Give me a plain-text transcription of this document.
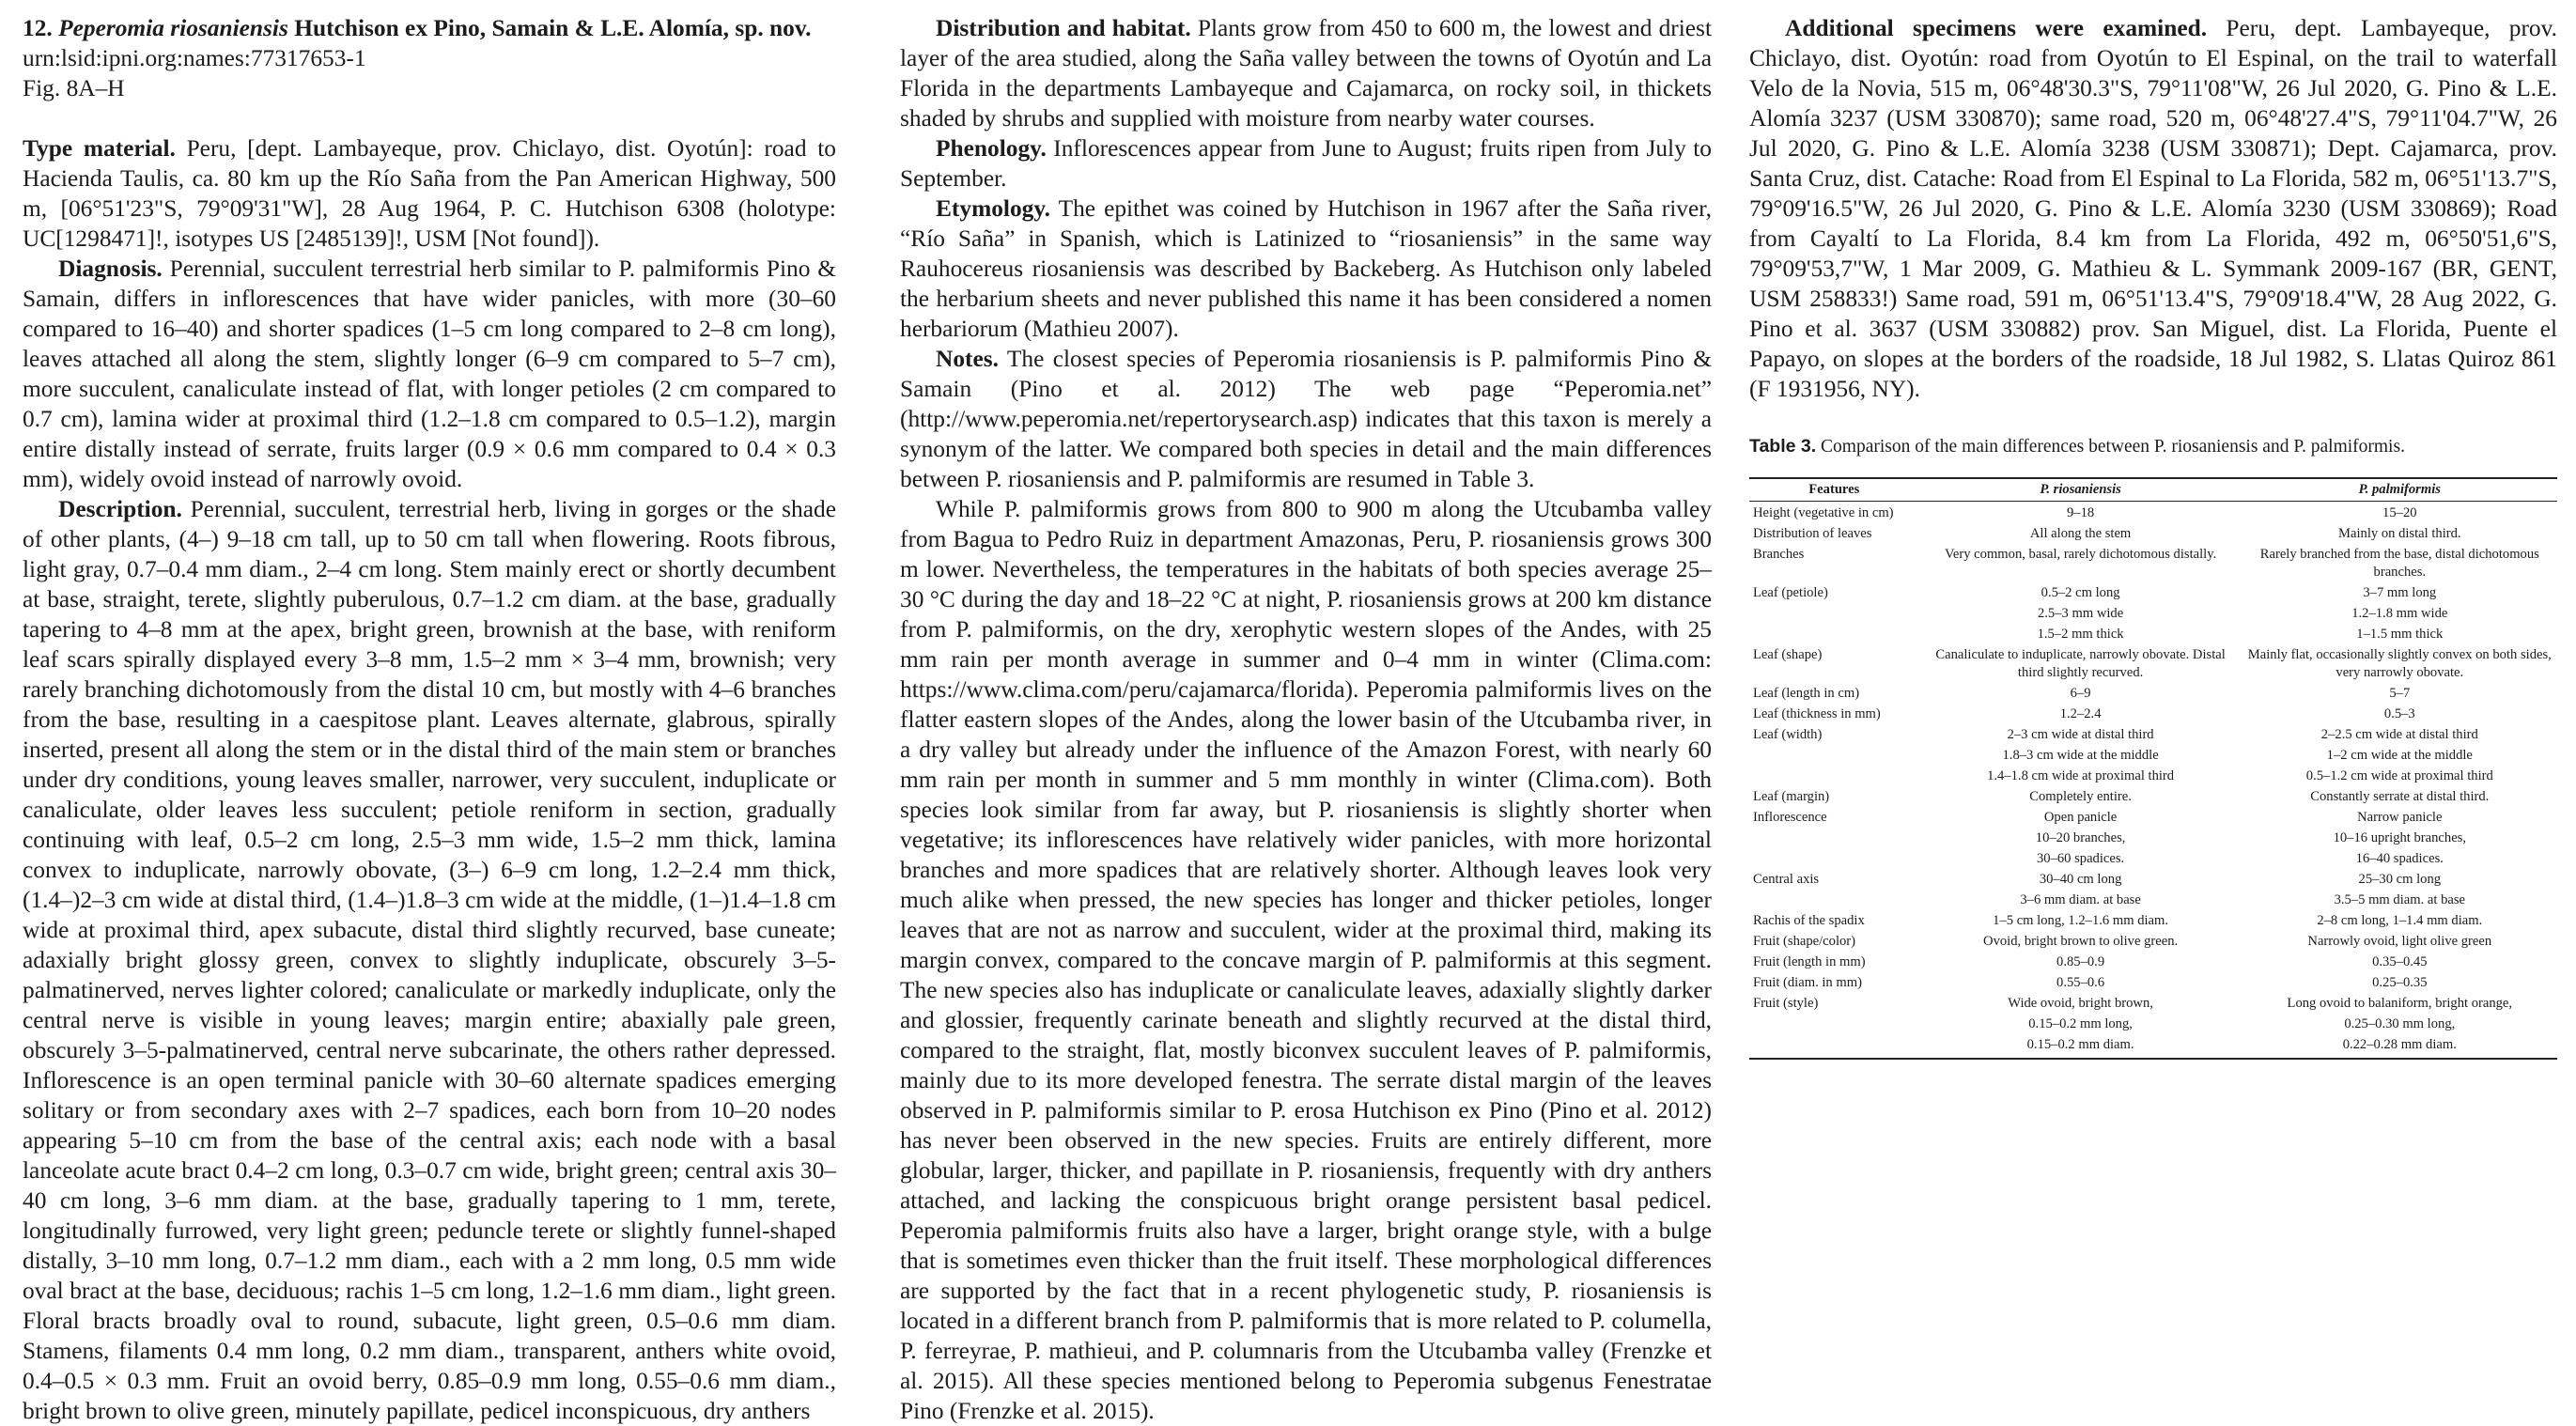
12. Peperomia riosaniensis Hutchison ex Pino, Samain & L.E. Alomía, sp. nov.

urn:lsid:ipni.org:names:77317653-1

Fig. 8A–H

Type material. Peru, [dept. Lambayeque, prov. Chiclayo, dist. Oyotún]: road to Hacienda Taulis, ca. 80 km up the Río Saña from the Pan American Highway, 500 m, [06°51'23"S, 79°09'31"W], 28 Aug 1964, P. C. Hutchison 6308 (holotype: UC[1298471]!, isotypes US [2485139]!, USM [Not found]).

Diagnosis. Perennial, succulent terrestrial herb similar to P. palmiformis Pino & Samain, differs in inflorescences that have wider panicles, with more (30–60 compared to 16–40) and shorter spadices (1–5 cm long compared to 2–8 cm long), leaves attached all along the stem, slightly longer (6–9 cm compared to 5–7 cm), more succulent, canaliculate instead of flat, with longer petioles (2 cm compared to 0.7 cm), lamina wider at proximal third (1.2–1.8 cm compared to 0.5–1.2), margin entire distally instead of serrate, fruits larger (0.9 × 0.6 mm compared to 0.4 × 0.3 mm), widely ovoid instead of narrowly ovoid.

Description. Perennial, succulent, terrestrial herb, living in gorges or the shade of other plants, (4–) 9–18 cm tall, up to 50 cm tall when flowering. Roots fibrous, light gray, 0.7–0.4 mm diam., 2–4 cm long. Stem mainly erect or shortly decumbent at base, straight, terete, slightly puberulous, 0.7–1.2 cm diam. at the base, gradually tapering to 4–8 mm at the apex, bright green, brownish at the base, with reniform leaf scars spirally displayed every 3–8 mm, 1.5–2 mm × 3–4 mm, brownish; very rarely branching dichotomously from the distal 10 cm, but mostly with 4–6 branches from the base, resulting in a caespitose plant. Leaves alternate, glabrous, spirally inserted, present all along the stem or in the distal third of the main stem or branches under dry conditions, young leaves smaller, narrower, very succulent, induplicate or canaliculate, older leaves less succulent; petiole reniform in section, gradually continuing with leaf, 0.5–2 cm long, 2.5–3 mm wide, 1.5–2 mm thick, lamina convex to induplicate, narrowly obovate, (3–) 6–9 cm long, 1.2–2.4 mm thick, (1.4–)2–3 cm wide at distal third, (1.4–)1.8–3 cm wide at the middle, (1–)1.4–1.8 cm wide at proximal third, apex subacute, distal third slightly recurved, base cuneate; adaxially bright glossy green, convex to slightly induplicate, obscurely 3–5-palmatinerved, nerves lighter colored; canaliculate or markedly induplicate, only the central nerve is visible in young leaves; margin entire; abaxially pale green, obscurely 3–5-palmatinerved, central nerve subcarinate, the others rather depressed. Inflorescence is an open terminal panicle with 30–60 alternate spadices emerging solitary or from secondary axes with 2–7 spadices, each born from 10–20 nodes appearing 5–10 cm from the base of the central axis; each node with a basal lanceolate acute bract 0.4–2 cm long, 0.3–0.7 cm wide, bright green; central axis 30–40 cm long, 3–6 mm diam. at the base, gradually tapering to 1 mm, terete, longitudinally furrowed, very light green; peduncle terete or slightly funnel-shaped distally, 3–10 mm long, 0.7–1.2 mm diam., each with a 2 mm long, 0.5 mm wide oval bract at the base, deciduous; rachis 1–5 cm long, 1.2–1.6 mm diam., light green. Floral bracts broadly oval to round, subacute, light green, 0.5–0.6 mm diam. Stamens, filaments 0.4 mm long, 0.2 mm diam., transparent, anthers white ovoid, 0.4–0.5 × 0.3 mm. Fruit an ovoid berry, 0.85–0.9 mm long, 0.55–0.6 mm diam., bright brown to olive green, minutely papillate, pedicel inconspicuous, dry anthers

Distribution and habitat. Plants grow from 450 to 600 m, the lowest and driest layer of the area studied, along the Saña valley between the towns of Oyotún and La Florida in the departments Lambayeque and Cajamarca, on rocky soil, in thickets shaded by shrubs and supplied with moisture from nearby water courses.

Phenology. Inflorescences appear from June to August; fruits ripen from July to September.

Etymology. The epithet was coined by Hutchison in 1967 after the Saña river, “Río Saña” in Spanish, which is Latinized to “riosaniensis” in the same way Rauhocereus riosaniensis was described by Backeberg. As Hutchison only labeled the herbarium sheets and never published this name it has been considered a nomen herbariorum (Mathieu 2007).

Notes. The closest species of Peperomia riosaniensis is P. palmiformis Pino & Samain (Pino et al. 2012) The web page “Peperomia.net” (http://www.peperomia.net/repertorysearch.asp) indicates that this taxon is merely a synonym of the latter. We compared both species in detail and the main differences between P. riosaniensis and P. palmiformis are resumed in Table 3.

While P. palmiformis grows from 800 to 900 m along the Utcubamba valley from Bagua to Pedro Ruiz in department Amazonas, Peru, P. riosaniensis grows 300 m lower. Nevertheless, the temperatures in the habitats of both species average 25–30 °C during the day and 18–22 °C at night, P. riosaniensis grows at 200 km distance from P. palmiformis, on the dry, xerophytic western slopes of the Andes, with 25 mm rain per month average in summer and 0–4 mm in winter (Clima.com: https://www.clima.com/peru/cajamarca/florida). Peperomia palmiformis lives on the flatter eastern slopes of the Andes, along the lower basin of the Utcubamba river, in a dry valley but already under the influence of the Amazon Forest, with nearly 60 mm rain per month in summer and 5 mm monthly in winter (Clima.com). Both species look similar from far away, but P. riosaniensis is slightly shorter when vegetative; its inflorescences have relatively wider panicles, with more horizontal branches and more spadices that are relatively shorter. Although leaves look very much alike when pressed, the new species has longer and thicker petioles, longer leaves that are not as narrow and succulent, wider at the proximal third, making its margin convex, compared to the concave margin of P. palmiformis at this segment. The new species also has induplicate or canaliculate leaves, adaxially slightly darker and glossier, frequently carinate beneath and slightly recurved at the distal third, compared to the straight, flat, mostly biconvex succulent leaves of P. palmiformis, mainly due to its more developed fenestra. The serrate distal margin of the leaves observed in P. palmiformis similar to P. erosa Hutchison ex Pino (Pino et al. 2012) has never been observed in the new species. Fruits are entirely different, more globular, larger, thicker, and papillate in P. riosaniensis, frequently with dry anthers attached, and lacking the conspicuous bright orange persistent basal pedicel. Peperomia palmiformis fruits also have a larger, bright orange style, with a bulge that is sometimes even thicker than the fruit itself. These morphological differences are supported by the fact that in a recent phylogenetic study, P. riosaniensis is located in a different branch from P. palmiformis that is more related to P. columella, P. ferreyrae, P. mathieui, and P. columnaris from the Utcubamba valley (Frenzke et al. 2015). All these species mentioned belong to Peperomia subgenus Fenestratae Pino (Frenzke et al. 2015).

Additional specimens were examined. Peru, dept. Lambayeque, prov. Chiclayo, dist. Oyotún: road from Oyotún to El Espinal, on the trail to waterfall Velo de la Novia, 515 m, 06°48'30.3"S, 79°11'08"W, 26 Jul 2020, G. Pino & L.E. Alomía 3237 (USM 330870); same road, 520 m, 06°48'27.4"S, 79°11'04.7"W, 26 Jul 2020, G. Pino & L.E. Alomía 3238 (USM 330871); Dept. Cajamarca, prov. Santa Cruz, dist. Catache: Road from El Espinal to La Florida, 582 m, 06°51'13.7"S, 79°09'16.5"W, 26 Jul 2020, G. Pino & L.E. Alomía 3230 (USM 330869); Road from Cayaltí to La Florida, 8.4 km from La Florida, 492 m, 06°50'51,6"S, 79°09'53,7"W, 1 Mar 2009, G. Mathieu & L. Symmank 2009-167 (BR, GENT, USM 258833!) Same road, 591 m, 06°51'13.4"S, 79°09'18.4"W, 28 Aug 2022, G. Pino et al. 3637 (USM 330882) prov. San Miguel, dist. La Florida, Puente el Papayo, on slopes at the borders of the roadside, 18 Jul 1982, S. Llatas Quiroz 861 (F 1931956, NY).

Table 3. Comparison of the main differences between P. riosaniensis and P. palmiformis.

Features	P. riosaniensis	P. palmiformis
Height (vegetative in cm)	9–18	15–20
Distribution of leaves	All along the stem	Mainly on distal third.
Branches	Very common, basal, rarely dichotomous distally.	Rarely branched from the base, distal dichotomous branches.
Leaf (petiole)	0.5–2 cm long	3–7 mm long
	2.5–3 mm wide	1.2–1.8 mm wide
	1.5–2 mm thick	1–1.5 mm thick
Leaf (shape)	Canaliculate to induplicate, narrowly obovate. Distal third slightly recurved.	Mainly flat, occasionally slightly convex on both sides, very narrowly obovate.
Leaf (length in cm)	6–9	5–7
Leaf (thickness in mm)	1.2–2.4	0.5–3
Leaf (width)	2–3 cm wide at distal third	2–2.5 cm wide at distal third
	1.8–3 cm wide at the middle	1–2 cm wide at the middle
	1.4–1.8 cm wide at proximal third	0.5–1.2 cm wide at proximal third
Leaf (margin)	Completely entire.	Constantly serrate at distal third.
Inflorescence	Open panicle	Narrow panicle
	10–20 branches,	10–16 upright branches,
	30–60 spadices.	16–40 spadices.
Central axis	30–40 cm long	25–30 cm long
	3–6 mm diam. at base	3.5–5 mm diam. at base
Rachis of the spadix	1–5 cm long, 1.2–1.6 mm diam.	2–8 cm long, 1–1.4 mm diam.
Fruit (shape/color)	Ovoid, bright brown to olive green.	Narrowly ovoid, light olive green
Fruit (length in mm)	0.85–0.9	0.35–0.45
Fruit (diam. in mm)	0.55–0.6	0.25–0.35
Fruit (style)	Wide ovoid, bright brown,	Long ovoid to balaniform, bright orange,
	0.15–0.2 mm long,	0.25–0.30 mm long,
	0.15–0.2 mm diam.	0.22–0.28 mm diam.
